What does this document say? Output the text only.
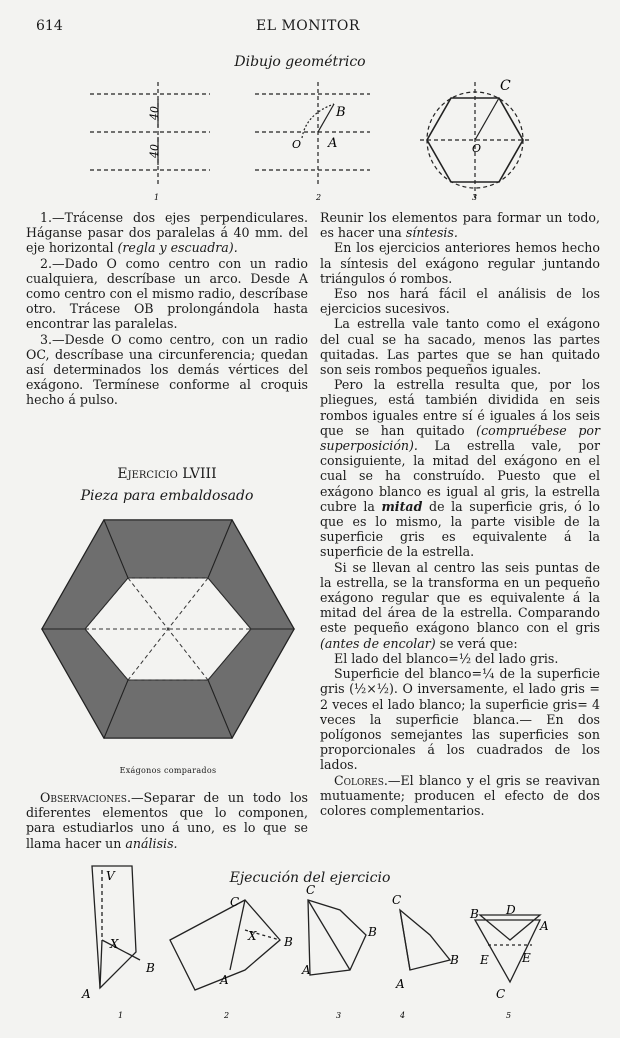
614	EL MONITOR
Dibujo geométrico
40
40
B
A
O
C
O
1	2	3

1.—Trácense dos ejes perpendiculares. Háganse pasar dos paralelas á 40 mm. del eje horizontal (regla y escuadra).

2.—Dado O como centro con un radio cualquiera, descríbase un arco. Desde A como centro con el mismo radio, descríbase otro. Trácese OB prolongándola hasta encontrar las paralelas.

3.—Desde O como centro, con un radio OC, descríbase una circunferencia; quedan así determinados los demás vértices del exágono. Termínese conforme al croquis hecho á pulso.

Ejercicio LVIII
Pieza para embaldosado
Exágonos comparados

Observaciones.—Separar de un todo los diferentes elementos que lo componen, para estudiarlos uno á uno, es lo que se llama hacer un análisis.

Reunir los elementos para formar un todo, es hacer una síntesis.

En los ejercicios anteriores hemos hecho la síntesis del exágono regular juntando triángulos ó rombos.

Eso nos hará fácil el análisis de los ejercicios sucesivos.

La estrella vale tanto como el exágono del cual se ha sacado, menos las partes quitadas. Las partes que se han quitado son seis rombos pequeños iguales.

Pero la estrella resulta que, por los pliegues, está también dividida en seis rombos iguales entre sí é iguales á los seis que se han quitado (compruébese por superposición). La estrella vale, por consiguiente, la mitad del exágono en el cual se ha construído. Puesto que el exágono blanco es igual al gris, la estrella cubre la mitad de la superficie gris, ó lo que es lo mismo, la parte visible de la superficie gris es equivalente á la superficie de la estrella.

Si se llevan al centro las seis puntas de la estrella, se la transforma en un pequeño exágono regular que es equivalente á la mitad del área de la estrella. Comparando este pequeño exágono blanco con el gris (antes de encolar) se verá que:

El lado del blanco=½ del lado gris.

Superficie del blanco=¼ de la superficie gris (½×½). O inversamente, el lado gris = 2 veces el lado blanco; la superficie gris= 4 veces la superficie blanca.— En dos polígonos semejantes las superficies son proporcionales á los cuadrados de los lados.

Colores.—El blanco y el gris se reavivan mutuamente; producen el efecto de dos colores complementarios.

Ejecución del ejercicio
V
X
B
A
C
X B
A
C
B
A
C
B
A
B D
A
E	E
C
1	2	3	4	5
